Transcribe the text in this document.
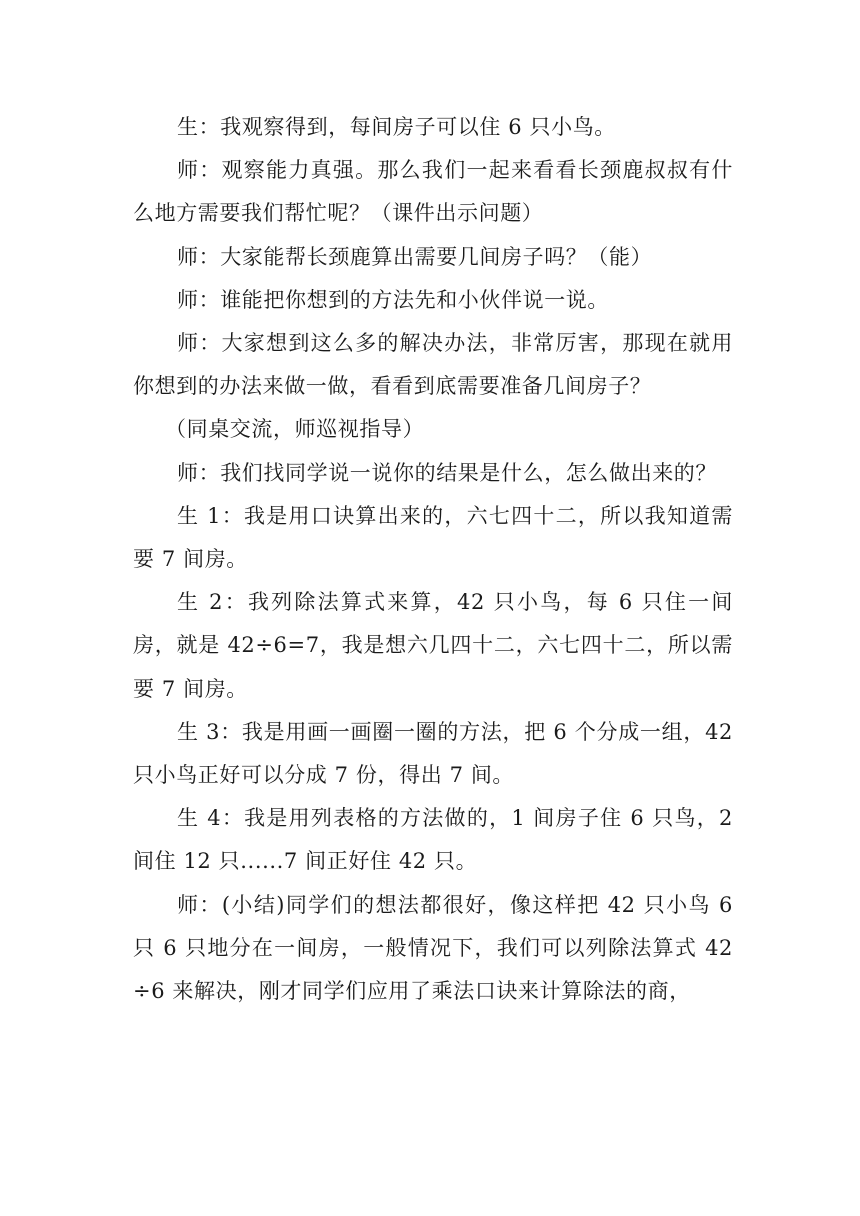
生：我观察得到，每间房子可以住 6 只小鸟。

师：观察能力真强。那么我们一起来看看长颈鹿叔叔有什么地方需要我们帮忙呢？（课件出示问题）

师：大家能帮长颈鹿算出需要几间房子吗？（能）

师：谁能把你想到的方法先和小伙伴说一说。

师：大家想到这么多的解决办法，非常厉害，那现在就用你想到的办法来做一做，看看到底需要准备几间房子？

（同桌交流，师巡视指导）

师：我们找同学说一说你的结果是什么，怎么做出来的？

生 1：我是用口诀算出来的，六七四十二，所以我知道需要 7 间房。

生 2：我列除法算式来算，42 只小鸟，每 6 只住一间房，就是 42÷6=7，我是想六几四十二，六七四十二，所以需要 7 间房。

生 3：我是用画一画圈一圈的方法，把 6 个分成一组，42 只小鸟正好可以分成 7 份，得出 7 间。

生 4：我是用列表格的方法做的，1 间房子住 6 只鸟，2 间住 12 只......7 间正好住 42 只。

师：(小结)同学们的想法都很好，像这样把 42 只小鸟 6 只 6 只地分在一间房，一般情况下，我们可以列除法算式 42÷6 来解决，刚才同学们应用了乘法口诀来计算除法的商，
